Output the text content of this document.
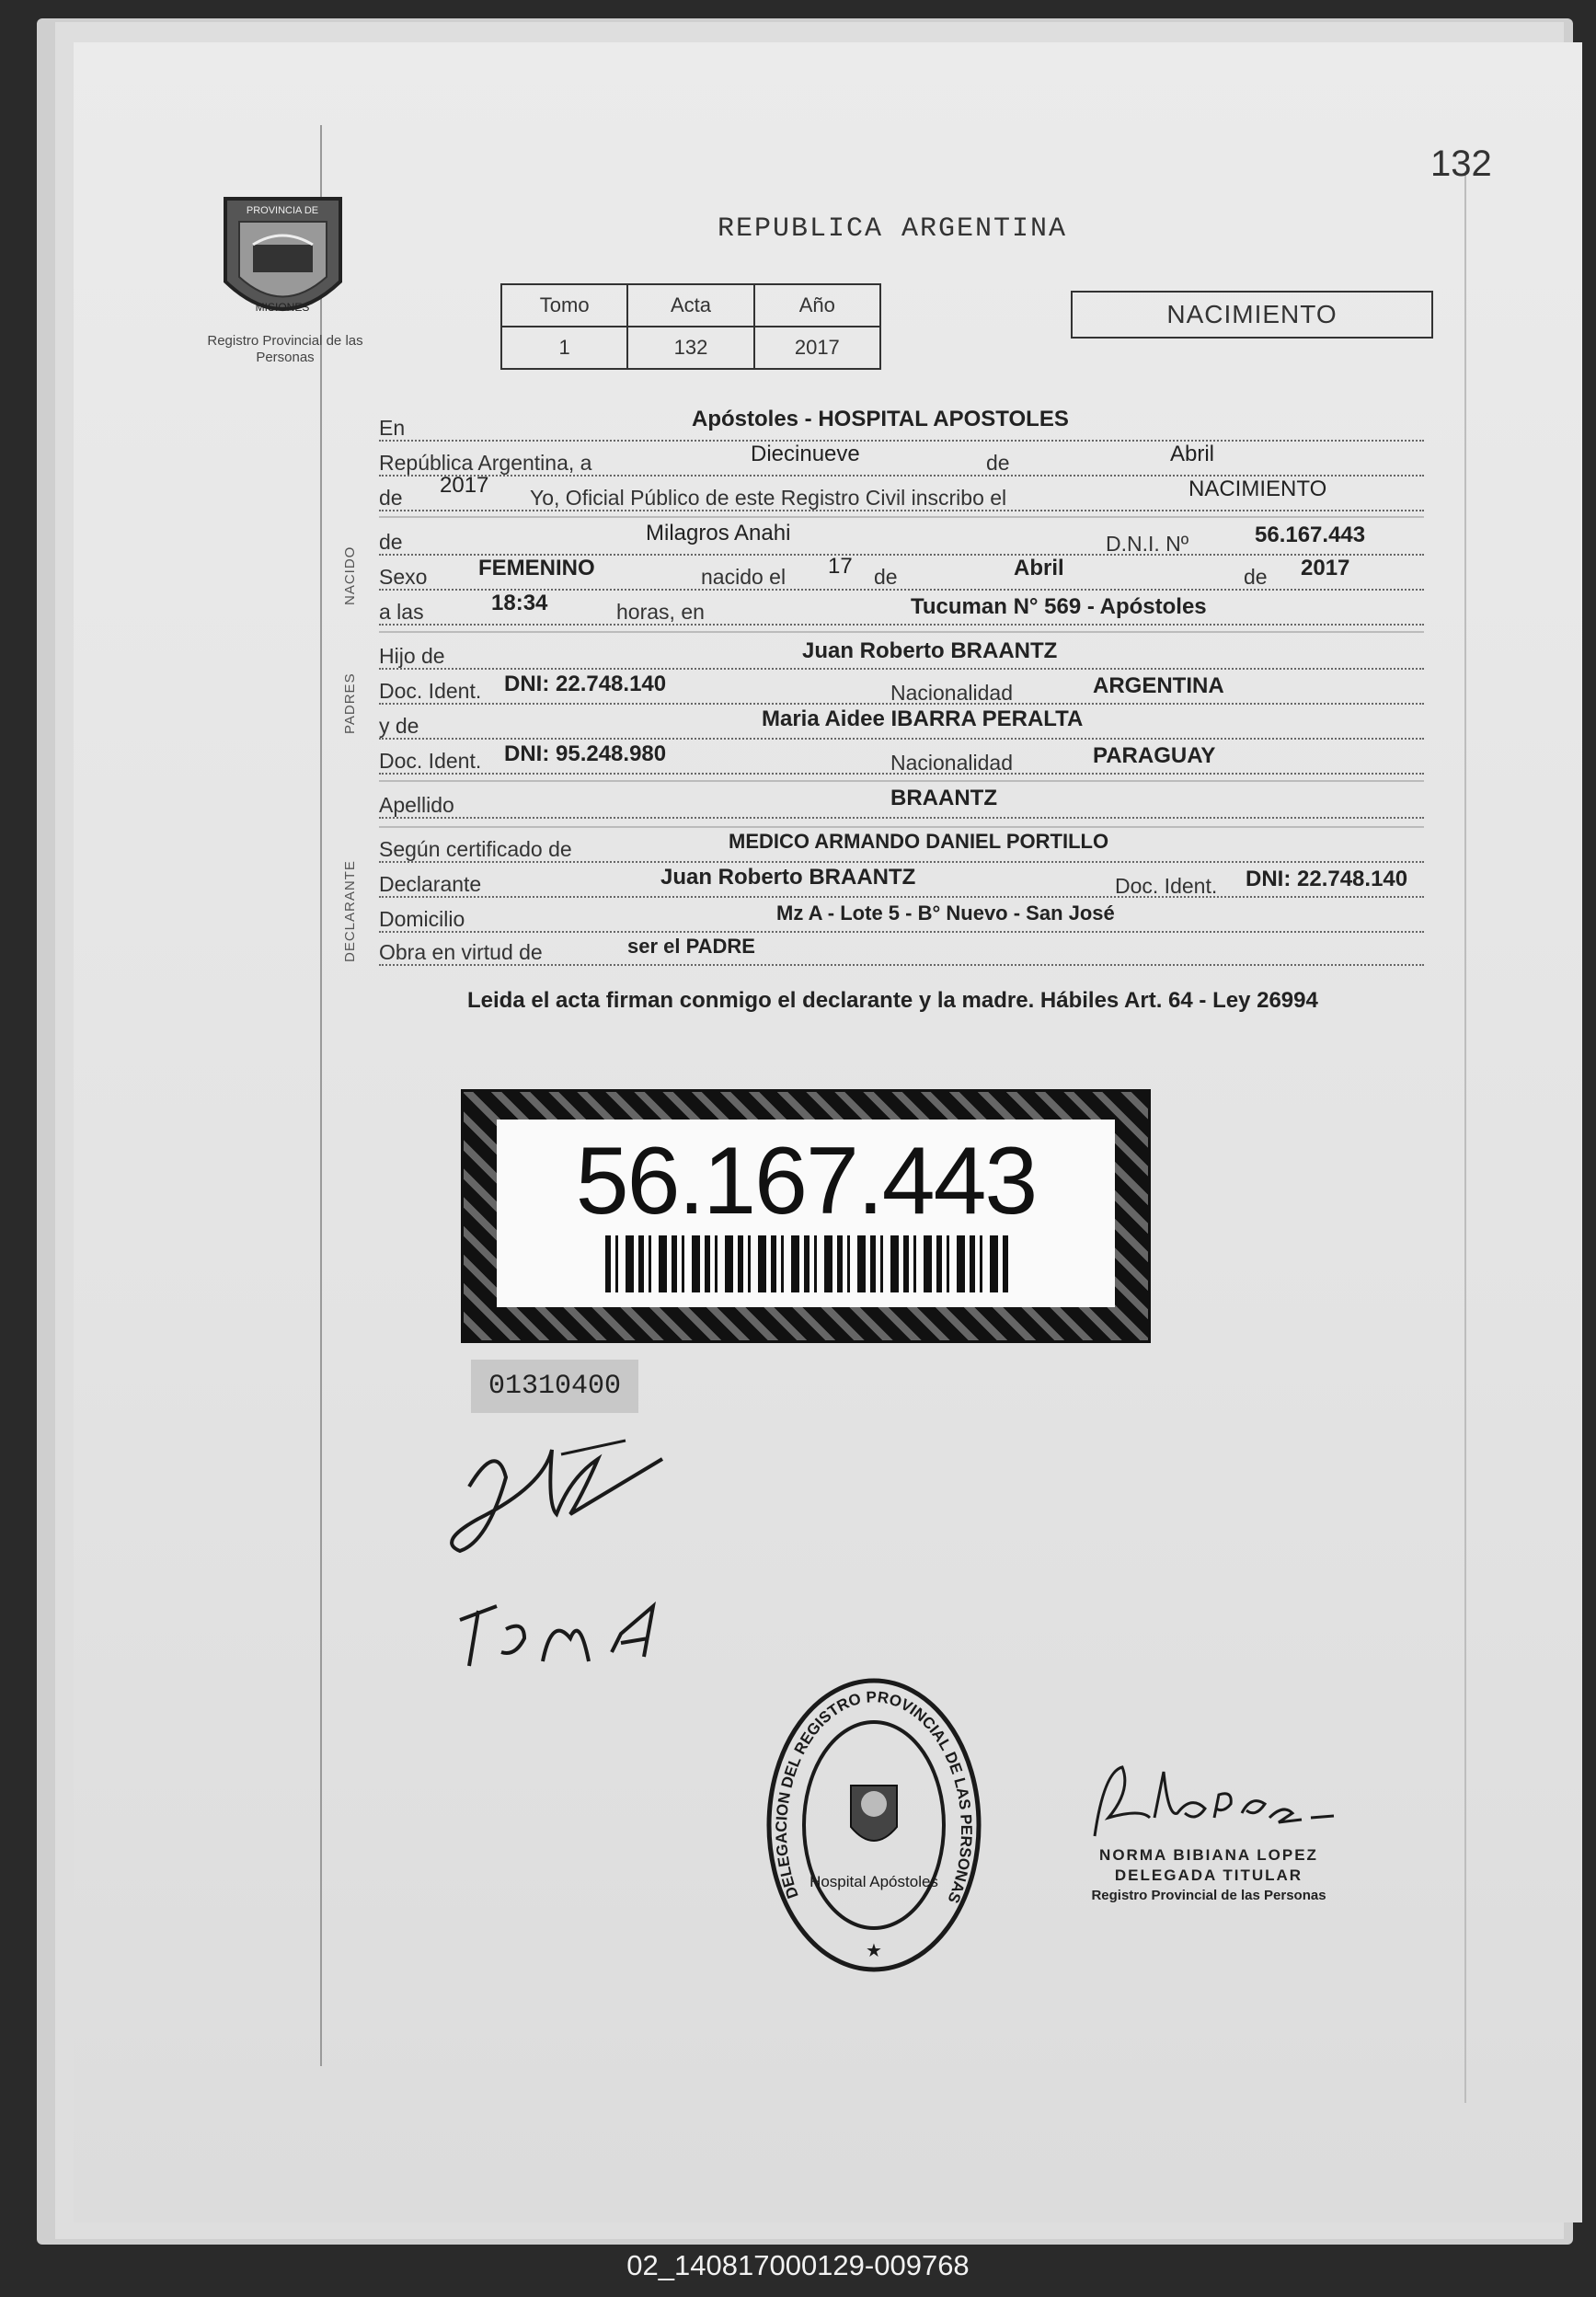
132
PROVINCIA DE
MISIONES
Registro Provincial de las Personas
REPUBLICA ARGENTINA
Tomo	Acta	Año
1	132	2017
NACIMIENTO
NACIDO
PADRES
DECLARANTE
En	Apóstoles - HOSPITAL APOSTOLES
República Argentina, a	Diecinueve	de	Abril
de 2017 Yo, Oficial Público de este Registro Civil inscribo el	NACIMIENTO
de	Milagros Anahi	D.N.I. Nº	56.167.443
Sexo FEMENINO	nacido el 17 de	Abril	de 2017
a las	18:34	horas, en	Tucuman N° 569 - Apóstoles
Hijo de	Juan Roberto BRAANTZ
Doc. Ident. DNI: 22.748.140	Nacionalidad	ARGENTINA
y de	Maria Aidee IBARRA PERALTA
Doc. Ident. DNI: 95.248.980	Nacionalidad	PARAGUAY
Apellido	BRAANTZ
Según certificado de	MEDICO ARMANDO DANIEL PORTILLO
Declarante	Juan Roberto BRAANTZ	Doc. Ident. DNI: 22.748.140
Domicilio	Mz A - Lote 5 - B° Nuevo - San José
Obra en virtud de	ser el PADRE
Leida el acta firman conmigo el declarante y la madre. Hábiles Art. 64 - Ley 26994
56.167.443
01310400
DELEGACION DEL REGISTRO PROVINCIAL DE LAS PERSONAS
Hospital Apóstoles
★
NORMA BIBIANA LOPEZ
DELEGADA TITULAR
Registro Provincial de las Personas
02_140817000129-009768
